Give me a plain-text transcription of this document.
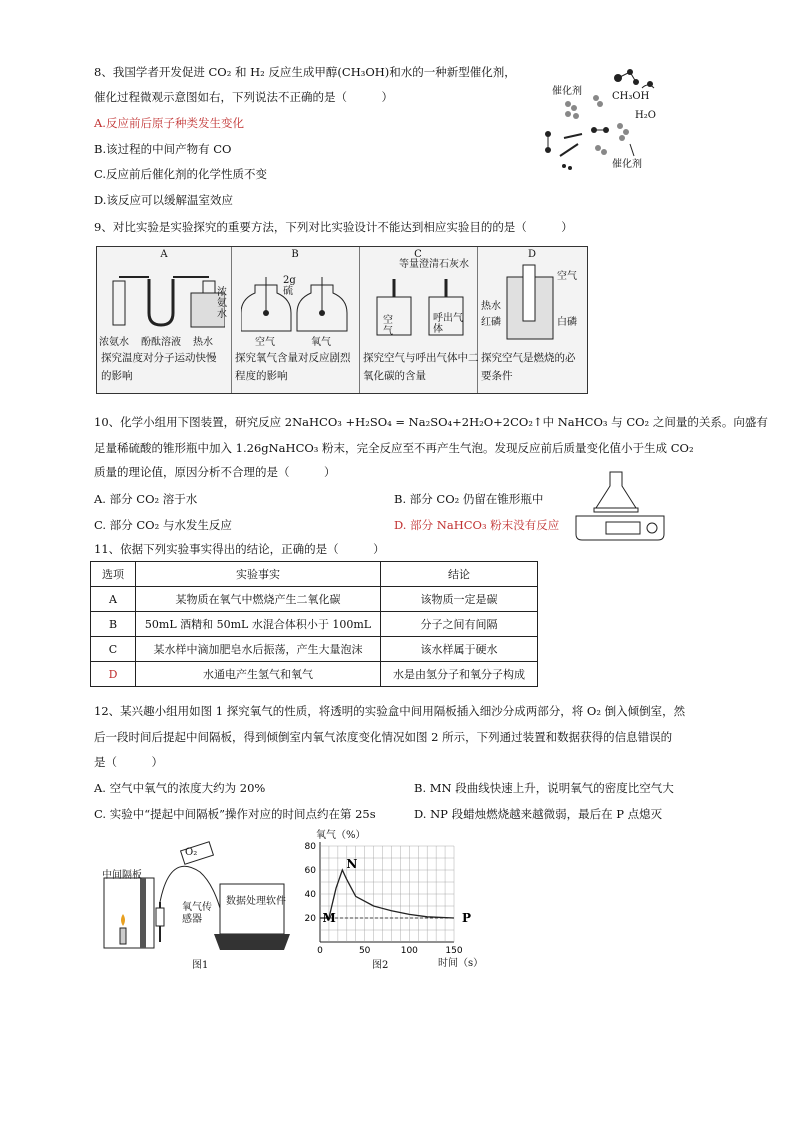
8、我国学者开发促进 CO₂ 和 H₂ 反应生成甲醇(CH₃OH)和水的一种新型催化剂，
催化过程微观示意图如右，下列说法不正确的是（　　　）
A.反应前后原子种类发生变化
B.该过程的中间产物有 CO
C.反应前后催化剂的化学性质不变
D.该反应可以缓解温室效应
催化剂	CH₃OH
H₂O
催化剂
9、对比实验是实验探究的重要方法，下列对比实验设计不能达到相应实验目的的是（　　　）
A
浓氨水 酚酞溶液 热水
浓氨水
探究温度对分子运动快慢的影响
B
2g硫
空气	氧气
探究氧气含量对反应剧烈程度的影响
C
等量澄清石灰水
空气
呼出气体
探究空气与呼出气体中二氧化碳的含量
D
空气
热水
红磷	白磷
探究空气是燃烧的必要条件
10、化学小组用下图装置，研究反应 2NaHCO₃ +H₂SO₄ = Na₂SO₄+2H₂O+2CO₂↑中 NaHCO₃ 与 CO₂ 之间量的关系。向盛有
足量稀硫酸的锥形瓶中加入 1.26gNaHCO₃ 粉末，完全反应至不再产生气泡。发现反应前后质量变化值小于生成 CO₂
质量的理论值，原因分析不合理的是（　　　）
A. 部分 CO₂ 溶于水	B. 部分 CO₂ 仍留在锥形瓶中
C. 部分 CO₂ 与水发生反应	D. 部分 NaHCO₃ 粉末没有反应
11、依据下列实验事实得出的结论，正确的是（　　　）
选项	实验事实	结论
A	某物质在氧气中燃烧产生二氧化碳	该物质一定是碳
B	50mL 酒精和 50mL 水混合体积小于 100mL	分子之间有间隔
C	某水样中滴加肥皂水后振荡，产生大量泡沫	该水样属于硬水
D	水通电产生氢气和氧气	水是由氢分子和氧分子构成
12、某兴趣小组用如图 1 探究氧气的性质，将透明的实验盒中间用隔板插入细沙分成两部分，将 O₂ 倒入倾倒室，然
后一段时间后提起中间隔板，得到倾倒室内氧气浓度变化情况如图 2 所示，下列通过装置和数据获得的信息错误的
是（　　　）
A. 空气中氧气的浓度大约为 20%	B. MN 段曲线快速上升，说明氧气的密度比空气大
C. 实验中“提起中间隔板”操作对应的时间点约在第 25s	D. NP 段蜡烛燃烧越来越微弱，最后在 P 点熄灭
中间隔板
O₂
氧气传感器
数据处理软件
图1
氧气（%）
0	50	100	150
20
40
60
80
N
M	P
图2	时间（s）
